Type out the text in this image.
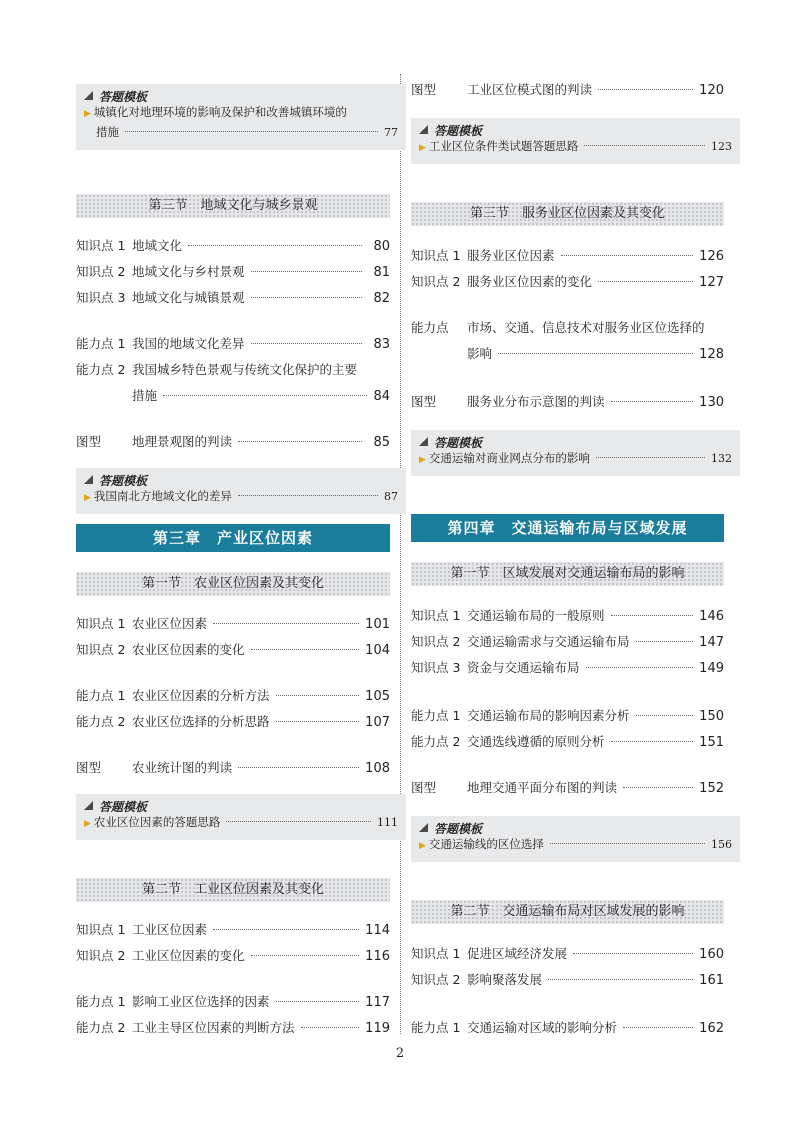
答题模板
▶ 城镇化对地理环境的影响及保护和改善城镇环境的
措施	77
第三节　地域文化与城乡景观
知识点 1 地域文化	80
知识点 2 地域文化与乡村景观	81
知识点 3 地域文化与城镇景观	82
能力点 1 我国的地域文化差异	83
能力点 2 我国城乡特色景观与传统文化保护的主要
措施	84
图型	地理景观图的判读	85
答题模板
▶ 我国南北方地域文化的差异	87
第三章　产业区位因素
第一节　农业区位因素及其变化
知识点 1 农业区位因素	101
知识点 2 农业区位因素的变化	104
能力点 1 农业区位因素的分析方法	105
能力点 2 农业区位选择的分析思路	107
图型	农业统计图的判读	108
答题模板
▶ 农业区位因素的答题思路	111
第二节　工业区位因素及其变化
知识点 1 工业区位因素	114
知识点 2 工业区位因素的变化	116
能力点 1 影响工业区位选择的因素	117
能力点 2 工业主导区位因素的判断方法	119
图型	工业区位模式图的判读	120
答题模板
▶ 工业区位条件类试题答题思路	123
第三节　服务业区位因素及其变化
知识点 1 服务业区位因素	126
知识点 2 服务业区位因素的变化	127
能力点	市场、交通、信息技术对服务业区位选择的
影响	128
图型	服务业分布示意图的判读	130
答题模板
▶ 交通运输对商业网点分布的影响	132
第四章　交通运输布局与区域发展
第一节　区域发展对交通运输布局的影响
知识点 1 交通运输布局的一般原则	146
知识点 2 交通运输需求与交通运输布局	147
知识点 3 资金与交通运输布局	149
能力点 1 交通运输布局的影响因素分析	150
能力点 2 交通选线遵循的原则分析	151
图型	地理交通平面分布图的判读	152
答题模板
▶ 交通运输线的区位选择	156
第二节　交通运输布局对区域发展的影响
知识点 1 促进区域经济发展	160
知识点 2 影响聚落发展	161
能力点 1 交通运输对区域的影响分析	162
2
